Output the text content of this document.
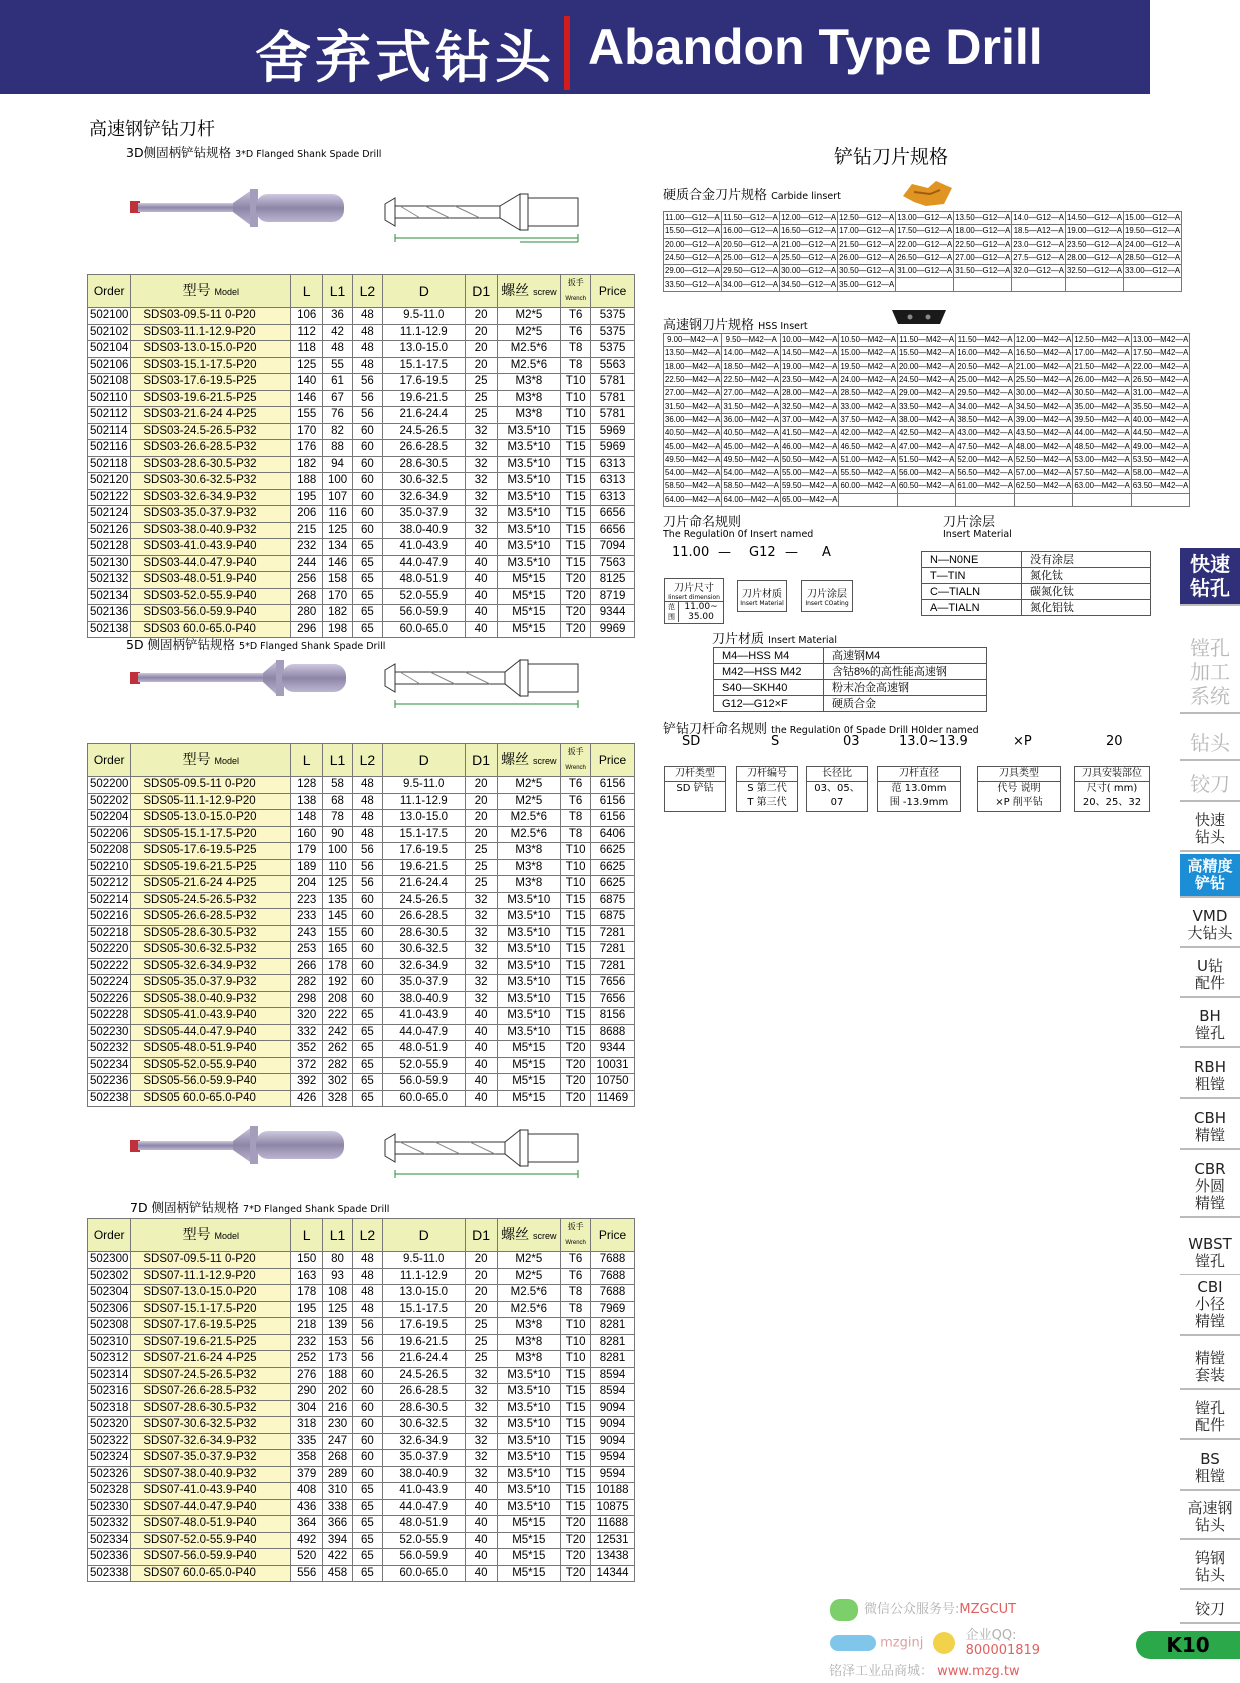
舍弃式钻头 Abandon Type Drill
高速钢铲钻刀杆
3D侧固柄铲钻规格 3*D Flanged Shank Spade Drill
Order	型号 Model	L	L1	L2	D	D1	螺丝 screw	扳手Wrench	Price
502100	SDS03-09.5-11 0-P20	106	36	48	9.5-11.0	20	M2*5	T6	5375
502102	SDS03-11.1-12.9-P20	112	42	48	11.1-12.9	20	M2*5	T6	5375
502104	SDS03-13.0-15.0-P20	118	48	48	13.0-15.0	20	M2.5*6	T8	5375
502106	SDS03-15.1-17.5-P20	125	55	48	15.1-17.5	20	M2.5*6	T8	5563
502108	SDS03-17.6-19.5-P25	140	61	56	17.6-19.5	25	M3*8	T10	5781
502110	SDS03-19.6-21.5-P25	146	67	56	19.6-21.5	25	M3*8	T10	5781
502112	SDS03-21.6-24 4-P25	155	76	56	21.6-24.4	25	M3*8	T10	5781
502114	SDS03-24.5-26.5-P32	170	82	60	24.5-26.5	32	M3.5*10	T15	5969
502116	SDS03-26.6-28.5-P32	176	88	60	26.6-28.5	32	M3.5*10	T15	5969
502118	SDS03-28.6-30.5-P32	182	94	60	28.6-30.5	32	M3.5*10	T15	6313
502120	SDS03-30.6-32.5-P32	188	100	60	30.6-32.5	32	M3.5*10	T15	6313
502122	SDS03-32.6-34.9-P32	195	107	60	32.6-34.9	32	M3.5*10	T15	6313
502124	SDS03-35.0-37.9-P32	206	116	60	35.0-37.9	32	M3.5*10	T15	6656
502126	SDS03-38.0-40.9-P32	215	125	60	38.0-40.9	32	M3.5*10	T15	6656
502128	SDS03-41.0-43.9-P40	232	134	65	41.0-43.9	40	M3.5*10	T15	7094
502130	SDS03-44.0-47.9-P40	244	146	65	44.0-47.9	40	M3.5*10	T15	7563
502132	SDS03-48.0-51.9-P40	256	158	65	48.0-51.9	40	M5*15	T20	8125
502134	SDS03-52.0-55.9-P40	268	170	65	52.0-55.9	40	M5*15	T20	8719
502136	SDS03-56.0-59.9-P40	280	182	65	56.0-59.9	40	M5*15	T20	9344
502138	SDS03 60.0-65.0-P40	296	198	65	60.0-65.0	40	M5*15	T20	9969
5D 侧固柄铲钻规格 5*D Flanged Shank Spade Drill
Order	型号 Model	L	L1	L2	D	D1	螺丝 screw	扳手Wrench	Price
502200	SDS05-09.5-11 0-P20	128	58	48	9.5-11.0	20	M2*5	T6	6156
502202	SDS05-11.1-12.9-P20	138	68	48	11.1-12.9	20	M2*5	T6	6156
502204	SDS05-13.0-15.0-P20	148	78	48	13.0-15.0	20	M2.5*6	T8	6156
502206	SDS05-15.1-17.5-P20	160	90	48	15.1-17.5	20	M2.5*6	T8	6406
502208	SDS05-17.6-19.5-P25	179	100	56	17.6-19.5	25	M3*8	T10	6625
502210	SDS05-19.6-21.5-P25	189	110	56	19.6-21.5	25	M3*8	T10	6625
502212	SDS05-21.6-24 4-P25	204	125	56	21.6-24.4	25	M3*8	T10	6625
502214	SDS05-24.5-26.5-P32	223	135	60	24.5-26.5	32	M3.5*10	T15	6875
502216	SDS05-26.6-28.5-P32	233	145	60	26.6-28.5	32	M3.5*10	T15	6875
502218	SDS05-28.6-30.5-P32	243	155	60	28.6-30.5	32	M3.5*10	T15	7281
502220	SDS05-30.6-32.5-P32	253	165	60	30.6-32.5	32	M3.5*10	T15	7281
502222	SDS05-32.6-34.9-P32	266	178	60	32.6-34.9	32	M3.5*10	T15	7281
502224	SDS05-35.0-37.9-P32	282	192	60	35.0-37.9	32	M3.5*10	T15	7656
502226	SDS05-38.0-40.9-P32	298	208	60	38.0-40.9	32	M3.5*10	T15	7656
502228	SDS05-41.0-43.9-P40	320	222	65	41.0-43.9	40	M3.5*10	T15	8156
502230	SDS05-44.0-47.9-P40	332	242	65	44.0-47.9	40	M3.5*10	T15	8688
502232	SDS05-48.0-51.9-P40	352	262	65	48.0-51.9	40	M5*15	T20	9344
502234	SDS05-52.0-55.9-P40	372	282	65	52.0-55.9	40	M5*15	T20	10031
502236	SDS05-56.0-59.9-P40	392	302	65	56.0-59.9	40	M5*15	T20	10750
502238	SDS05 60.0-65.0-P40	426	328	65	60.0-65.0	40	M5*15	T20	11469
7D 侧固柄铲钻规格 7*D Flanged Shank Spade Drill
Order	型号 Model	L	L1	L2	D	D1	螺丝 screw	扳手Wrench	Price
502300	SDS07-09.5-11 0-P20	150	80	48	9.5-11.0	20	M2*5	T6	7688
502302	SDS07-11.1-12.9-P20	163	93	48	11.1-12.9	20	M2*5	T6	7688
502304	SDS07-13.0-15.0-P20	178	108	48	13.0-15.0	20	M2.5*6	T8	7688
502306	SDS07-15.1-17.5-P20	195	125	48	15.1-17.5	20	M2.5*6	T8	7969
502308	SDS07-17.6-19.5-P25	218	139	56	17.6-19.5	25	M3*8	T10	8281
502310	SDS07-19.6-21.5-P25	232	153	56	19.6-21.5	25	M3*8	T10	8281
502312	SDS07-21.6-24 4-P25	252	173	56	21.6-24.4	25	M3*8	T10	8281
502314	SDS07-24.5-26.5-P32	276	188	60	24.5-26.5	32	M3.5*10	T15	8594
502316	SDS07-26.6-28.5-P32	290	202	60	26.6-28.5	32	M3.5*10	T15	8594
502318	SDS07-28.6-30.5-P32	304	216	60	28.6-30.5	32	M3.5*10	T15	9094
502320	SDS07-30.6-32.5-P32	318	230	60	30.6-32.5	32	M3.5*10	T15	9094
502322	SDS07-32.6-34.9-P32	335	247	60	32.6-34.9	32	M3.5*10	T15	9094
502324	SDS07-35.0-37.9-P32	358	268	60	35.0-37.9	32	M3.5*10	T15	9594
502326	SDS07-38.0-40.9-P32	379	289	60	38.0-40.9	32	M3.5*10	T15	9594
502328	SDS07-41.0-43.9-P40	408	310	65	41.0-43.9	40	M3.5*10	T15	10188
502330	SDS07-44.0-47.9-P40	436	338	65	44.0-47.9	40	M3.5*10	T15	10875
502332	SDS07-48.0-51.9-P40	364	366	65	48.0-51.9	40	M5*15	T20	11688
502334	SDS07-52.0-55.9-P40	492	394	65	52.0-55.9	40	M5*15	T20	12531
502336	SDS07-56.0-59.9-P40	520	422	65	56.0-59.9	40	M5*15	T20	13438
502338	SDS07 60.0-65.0-P40	556	458	65	60.0-65.0	40	M5*15	T20	14344
铲钻刀片规格
硬质合金刀片规格 Carbide linsert
11.00—G12—A	11.50—G12—A	12.00—G12—A	12.50—G12—A	13.00—G12—A	13.50—G12—A	14.0—G12—A	14.50—G12—A	15.00—G12—A
15.50—G12—A	16.00—G12—A	16.50—G12—A	17.00—G12—A	17.50—G12—A	18.00—G12—A	18.5—A12—A	19.00—G12—A	19.50—G12—A
20.00—G12—A	20.50—G12—A	21.00—G12—A	21.50—G12—A	22.00—G12—A	22.50—G12—A	23.0—G12—A	23.50—G12—A	24.00—G12—A
24.50—G12—A	25.00—G12—A	25.50—G12—A	26.00—G12—A	26.50—G12—A	27.00—G12—A	27.5—G12—A	28.00—G12—A	28.50—G12—A
29.00—G12—A	29.50—G12—A	30.00—G12—A	30.50—G12—A	31.00—G12—A	31.50—G12—A	32.0—G12—A	32.50—G12—A	33.00—G12—A
33.50—G12—A	34.00—G12—A	34.50—G12—A	35.00—G12—A					
高速钢刀片规格 HSS Insert
9.00—M42—A	9.50—M42—A	10.00—M42—A	10.50—M42—A	11.50—M42—A	11.50—M42—A	12.00—M42—A	12.50—M42—A	13.00—M42—A
13.50—M42—A	14.00—M42—A	14.50—M42—A	15.00—M42—A	15.50—M42—A	16.00—M42—A	16.50—M42—A	17.00—M42—A	17.50—M42—A
18.00—M42—A	18.50—M42—A	19.00—M42—A	19.50—M42—A	20.00—M42—A	20.50—M42—A	21.00—M42—A	21.50—M42—A	22.00—M42—A
22.50—M42—A	22.50—M42—A	23.50—M42—A	24.00—M42—A	24.50—M42—A	25.00—M42—A	25.50—M42—A	26.00—M42—A	26.50—M42—A
27.00—M42—A	27.00—M42—A	28.00—M42—A	28.50—M42—A	29.00—M42—A	29.50—M42—A	30.00—M42—A	30.50—M42—A	31.00—M42—A
31.50—M42—A	31.50—M42—A	32.50—M42—A	33.00—M42—A	33.50—M42—A	34.00—M42—A	34.50—M42—A	35.00—M42—A	35.50—M42—A
36.00—M42—A	36.00—M42—A	37.00—M42—A	37.50—M42—A	38.00—M42—A	38.50—M42—A	39.00—M42—A	39.50—M42—A	40.00—M42—A
40.50—M42—A	40.50—M42—A	41.50—M42—A	42.00—M42—A	42.50—M42—A	43.00—M42—A	43.50—M42—A	44.00—M42—A	44.50—M42—A
45.00—M42—A	45.00—M42—A	46.00—M42—A	46.50—M42—A	47.00—M42—A	47.50—M42—A	48.00—M42—A	48.50—M42—A	49.00—M42—A
49.50—M42—A	49.50—M42—A	50.50—M42—A	51.00—M42—A	51.50—M42—A	52.00—M42—A	52.50—M42—A	53.00—M42—A	53.50—M42—A
54.00—M42—A	54.00—M42—A	55.00—M42—A	55.50—M42—A	56.00—M42—A	56.50—M42—A	57.00—M42—A	57.50—M42—A	58.00—M42—A
58.50—M42—A	58.50—M42—A	59.50—M42—A	60.00—M42—A	60.50—M42—A	61.00—M42—A	62.50—M42—A	63.00—M42—A	63.50—M42—A
64.00—M42—A	64.00—M42—A	65.00—M42—A						
刀片命名规则
The Regulati0n 0f Insert named
11.00 — G12 — A
刀片尺寸
Iinsert dimension
范围
11.00~
35.00
刀片材质
Insert Material
刀片涂层
Insert COating
刀片涂层
Insert Material
N—N0NE	没有涂层
T—TIN	氮化钛
C—TIALN	碳氮化钛
A—TIALN	氮化铝钛
刀片材质 Insert Material
M4—HSS M4	高速钢M4
M42—HSS M42	含钴8%的高性能高速钢
S40—SKH40	粉末冶金高速钢
G12—G12×F	硬质合金
铲钻刀杆命名规则 the Regulati0n 0f Spade Drill H0lder named
SD	S	03	13.0~13.9	×P	20
刀杆类型
SD 铲钻
刀杆编号
S 第二代
T 第三代
长径比
03、05、
07
刀杆直径
范 13.0mm
围 -13.9mm
刀具类型
代号 说明
×P 削平钻
刀具安装部位
尺寸( mm)
20、25、32
快速
钻孔
镗孔
加工
系统
钻头
铰刀
快速
钻头
高精度
铲钻
VMD
大钻头
U钻
配件
BH
镗孔
RBH
粗镗
CBH
精镗
CBR
外圆
精镗
WBST
镗孔
CBI
小径
精镗
精镗
套装
镗孔
配件
BS
粗镗
高速钢
钻头
钨钢
钻头
铰刀
微信公众服务号:MZGCUT
mzginj	企业QQ:
800001819
铭泽工业品商城： www.mzg.tw
K10
